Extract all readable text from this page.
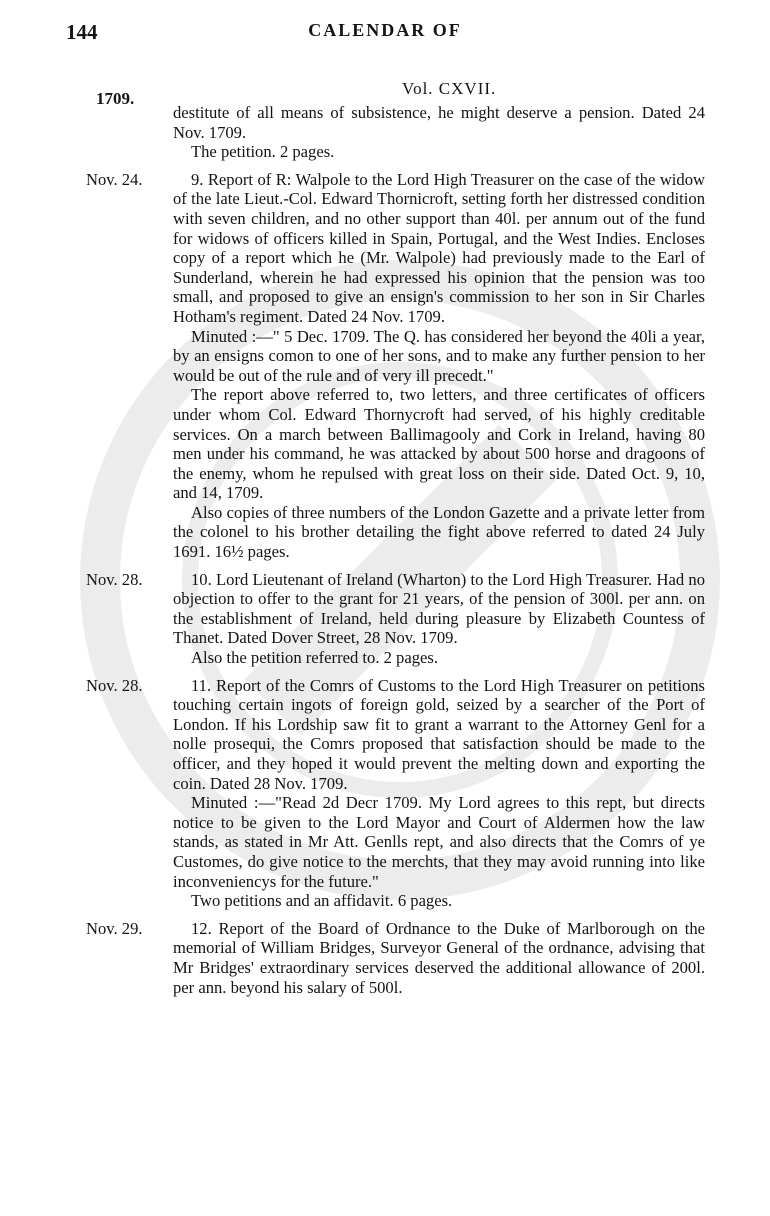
144	CALENDAR OF
Vol. CXVII.
1709.

destitute of all means of subsistence, he might deserve a pension. Dated 24 Nov. 1709.

The petition. 2 pages.

Nov. 24.	9. Report of R: Walpole to the Lord High Treasurer on the case of the widow of the late Lieut.-Col. Edward Thornicroft, setting forth her distressed condition with seven children, and no other support than 40l. per annum out of the fund for widows of officers killed in Spain, Portugal, and the West Indies. Encloses copy of a report which he (Mr. Walpole) had previously made to the Earl of Sunderland, wherein he had expressed his opinion that the pension was too small, and proposed to give an ensign's commission to her son in Sir Charles Hotham's regiment. Dated 24 Nov. 1709.

Minuted :—" 5 Dec. 1709. The Q. has considered her beyond the 40li a year, by an ensigns comon to one of her sons, and to make any further pension to her would be out of the rule and of very ill precedt."

The report above referred to, two letters, and three certificates of officers under whom Col. Edward Thornycroft had served, of his highly creditable services. On a march between Ballimagooly and Cork in Ireland, having 80 men under his command, he was attacked by about 500 horse and dragoons of the enemy, whom he repulsed with great loss on their side. Dated Oct. 9, 10, and 14, 1709.

Also copies of three numbers of the London Gazette and a private letter from the colonel to his brother detailing the fight above referred to dated 24 July 1691. 16½ pages.

Nov. 28.	10. Lord Lieutenant of Ireland (Wharton) to the Lord High Treasurer. Had no objection to offer to the grant for 21 years, of the pension of 300l. per ann. on the establishment of Ireland, held during pleasure by Elizabeth Countess of Thanet. Dated Dover Street, 28 Nov. 1709.

Also the petition referred to. 2 pages.

Nov. 28.	11. Report of the Comrs of Customs to the Lord High Treasurer on petitions touching certain ingots of foreign gold, seized by a searcher of the Port of London. If his Lordship saw fit to grant a warrant to the Attorney Genl for a nolle prosequi, the Comrs proposed that satisfaction should be made to the officer, and they hoped it would prevent the melting down and exporting the coin. Dated 28 Nov. 1709.

Minuted :—"Read 2d Decr 1709. My Lord agrees to this rept, but directs notice to be given to the Lord Mayor and Court of Aldermen how the law stands, as stated in Mr Att. Genlls rept, and also directs that the Comrs of ye Customes, do give notice to the merchts, that they may avoid running into like inconveniencys for the future."

Two petitions and an affidavit. 6 pages.

Nov. 29.	12. Report of the Board of Ordnance to the Duke of Marlborough on the memorial of William Bridges, Surveyor General of the ordnance, advising that Mr Bridges' extraordinary services deserved the additional allowance of 200l. per ann. beyond his salary of 500l.
